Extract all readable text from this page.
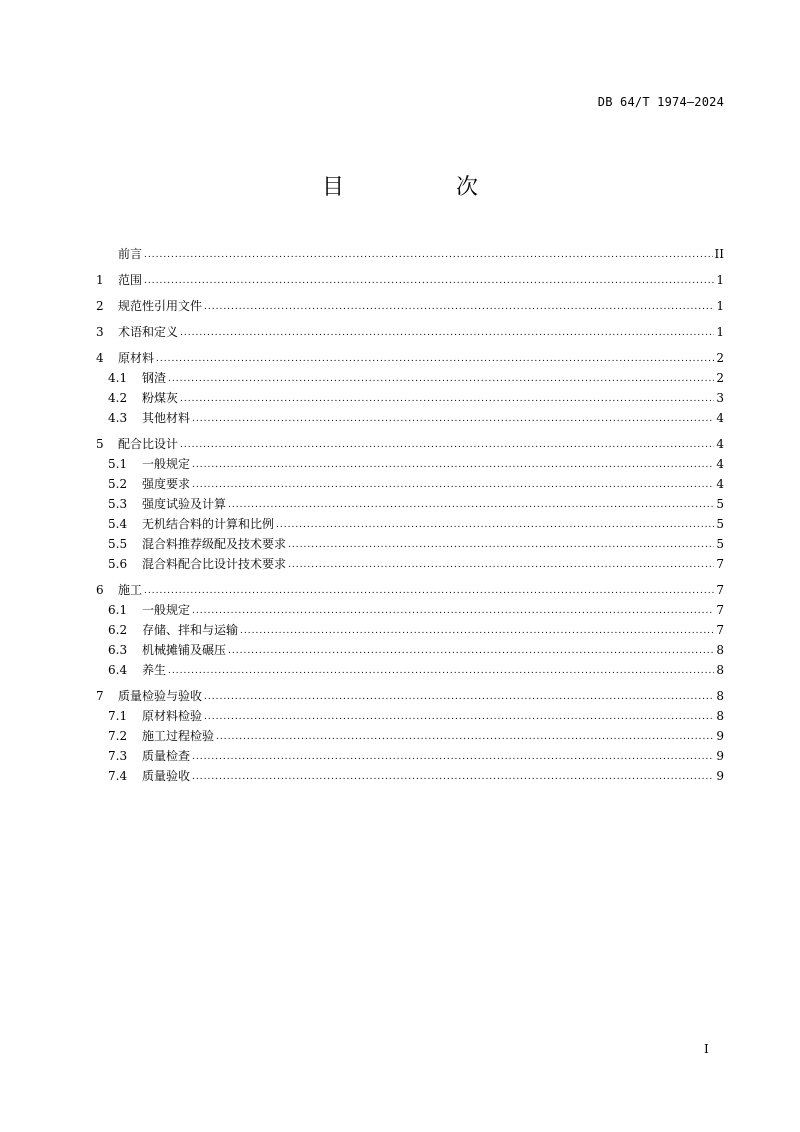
DB 64/T 1974—2024
目　次
前言 .....	II
1	范围 .....	1
2	规范性引用文件 .....	1
3	术语和定义 .....	1
4	原材料 .....	2
4.1	钢渣 .....	2
4.2	粉煤灰 .....	3
4.3	其他材料 .....	4
5	配合比设计 .....	4
5.1	一般规定 .....	4
5.2	强度要求 .....	4
5.3	强度试验及计算 .....	5
5.4	无机结合料的计算和比例 .....	5
5.5	混合料推荐级配及技术要求 .....	5
5.6	混合料配合比设计技术要求 .....	7
6	施工 .....	7
6.1	一般规定 .....	7
6.2	存储、拌和与运输 .....	7
6.3	机械摊铺及碾压 .....	8
6.4	养生 .....	8
7	质量检验与验收 .....	8
7.1	原材料检验 .....	8
7.2	施工过程检验 .....	9
7.3	质量检查 .....	9
7.4	质量验收 .....	9
I
